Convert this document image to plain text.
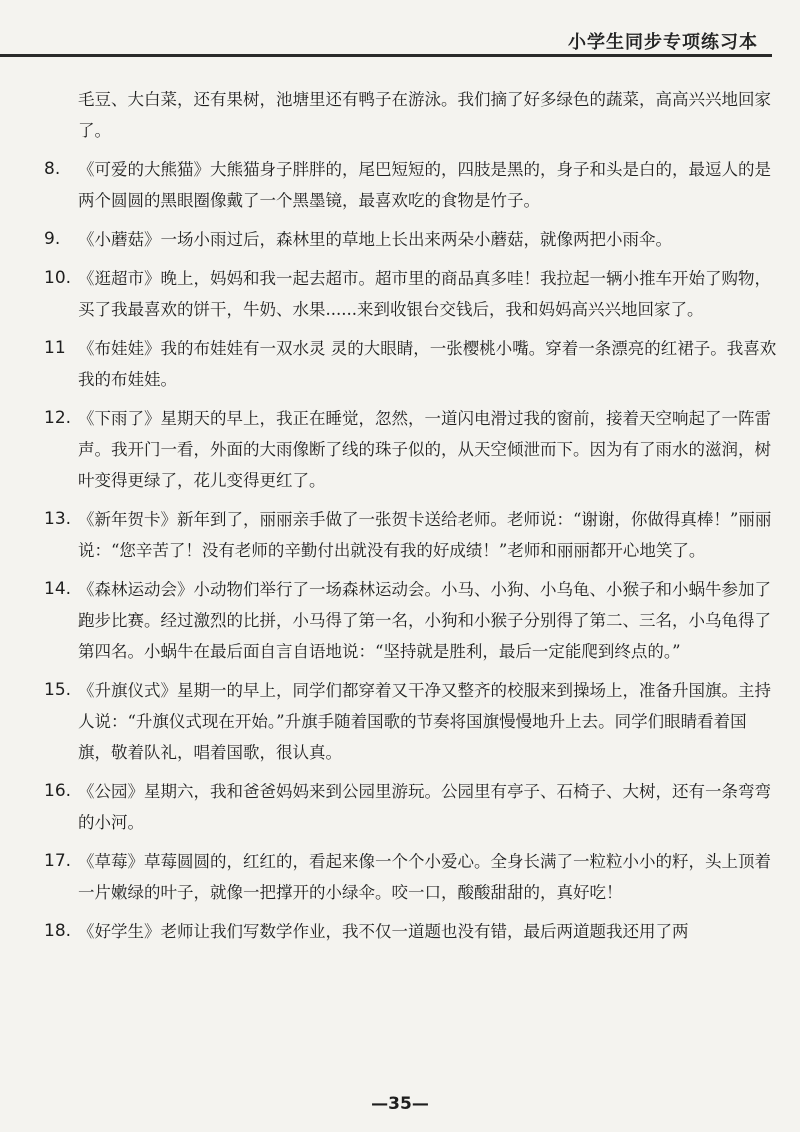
小学生同步专项练习本
毛豆、大白菜，还有果树，池塘里还有鸭子在游泳。我们摘了好多绿色的蔬菜，高高兴兴地回家了。
8. 《可爱的大熊猫》大熊猫身子胖胖的，尾巴短短的，四肢是黑的，身子和头是白的，最逗人的是两个圆圆的黑眼圈像戴了一个黑墨镜，最喜欢吃的食物是竹子。
9. 《小蘑菇》一场小雨过后，森林里的草地上长出来两朵小蘑菇，就像两把小雨伞。
10. 《逛超市》晚上，妈妈和我一起去超市。超市里的商品真多哇！我拉起一辆小推车开始了购物，买了我最喜欢的饼干，牛奶、水果......来到收银台交钱后，我和妈妈高兴兴地回家了。
11 《布娃娃》我的布娃娃有一双水灵 灵的大眼睛，一张樱桃小嘴。穿着一条漂亮的红裙子。我喜欢我的布娃娃。
12. 《下雨了》星期天的早上，我正在睡觉，忽然，一道闪电滑过我的窗前，接着天空响起了一阵雷声。我开门一看，外面的大雨像断了线的珠子似的，从天空倾泄而下。因为有了雨水的滋润，树叶变得更绿了，花儿变得更红了。
13. 《新年贺卡》新年到了，丽丽亲手做了一张贺卡送给老师。老师说：“谢谢，你做得真棒！”丽丽说：“您辛苦了！没有老师的辛勤付出就没有我的好成绩！”老师和丽丽都开心地笑了。
14. 《森林运动会》小动物们举行了一场森林运动会。小马、小狗、小乌龟、小猴子和小蜗牛参加了跑步比赛。经过激烈的比拼，小马得了第一名，小狗和小猴子分别得了第二、三名，小乌龟得了第四名。小蜗牛在最后面自言自语地说：“坚持就是胜利，最后一定能爬到终点的。”
15. 《升旗仪式》星期一的早上，同学们都穿着又干净又整齐的校服来到操场上，准备升国旗。主持人说：“升旗仪式现在开始。”升旗手随着国歌的节奏将国旗慢慢地升上去。同学们眼睛看着国旗，敬着队礼，唱着国歌，很认真。
16. 《公园》星期六，我和爸爸妈妈来到公园里游玩。公园里有亭子、石椅子、大树，还有一条弯弯的小河。
17. 《草莓》草莓圆圆的，红红的，看起来像一个个小爱心。全身长满了一粒粒小小的籽，头上顶着一片嫩绿的叶子，就像一把撑开的小绿伞。咬一口，酸酸甜甜的，真好吃！
18. 《好学生》老师让我们写数学作业，我不仅一道题也没有错，最后两道题我还用了两
—35—
